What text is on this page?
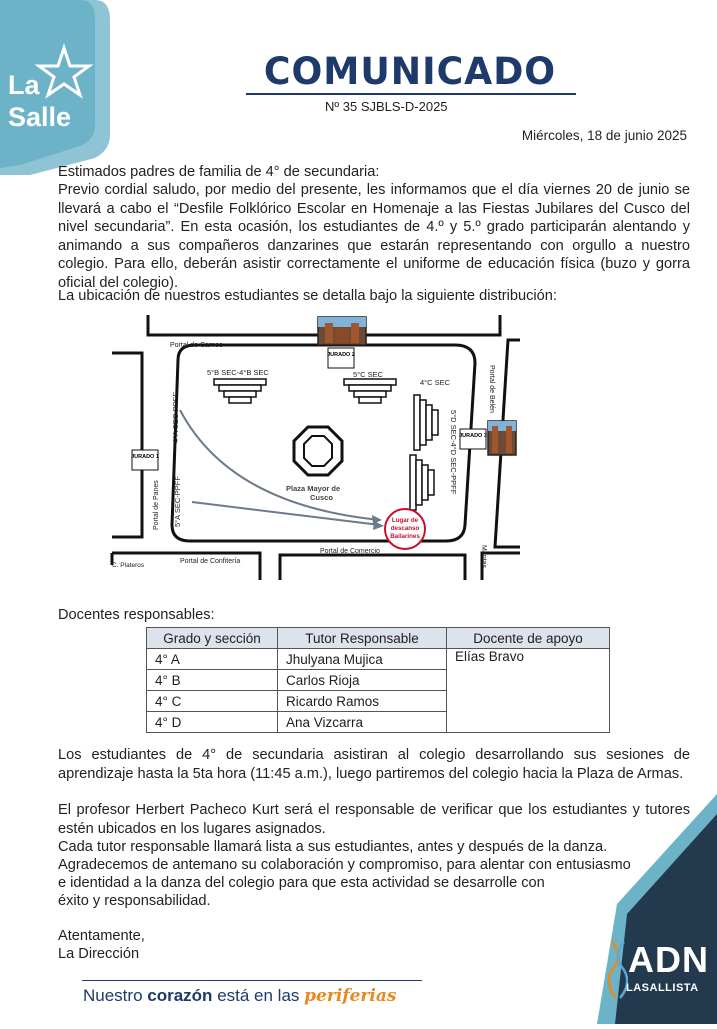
La
Salle
COMUNICADO
Nº 35 SJBLS-D-2025
Miércoles, 18 de junio 2025
Estimados padres de familia de 4° de secundaria:
Previo cordial saludo, por medio del presente, les informamos que el día viernes 20 de junio se llevará a cabo el “Desfile Folklórico Escolar en Homenaje a las Fiestas Jubilares del Cusco del nivel secundaria”. En esta ocasión, los estudiantes de 4.º y 5.º grado participarán alentando y animando a sus compañeros danzarines que estarán representando con orgullo a nuestro colegio. Para ello, deberán asistir correctamente el uniforme de educación física (buzo y gorra oficial del colegio).
La ubicación de nuestros estudiantes se detalla bajo la siguiente distribución:
Lugar de
descanso
Bailarines
JURADO 2
JURADO 1
JURADO 3
Portal de Carnes
5°B SEC-4°B SEC	5°C SEC
4°C SEC
Plaza Mayor de
Cusco
Portal de Confitería
Portal de Comercio
C. Plateros
Portal de Belén
Mantas
Portal de Panes
4°A SEC-PPFF
5°A SEC-PPFF
5°D SEC-4°D SEC-PPFF
Docentes responsables:
Grado y sección	Tutor Responsable	Docente de apoyo
4° A	Jhulyana Mujica	Elías Bravo
4° B	Carlos Rioja	
4° C	Ricardo Ramos	
4° D	Ana Vizcarra	
Los estudiantes de 4° de secundaria asistiran al colegio desarrollando sus sesiones de aprendizaje hasta la 5ta hora (11:45 a.m.), luego partiremos del colegio hacia la Plaza de Armas.
El profesor Herbert Pacheco Kurt será el responsable de verificar que los estudiantes y tutores estén ubicados en los lugares asignados.
Cada tutor responsable llamará lista a sus estudiantes, antes y después de la danza.
Agradecemos de antemano su colaboración y compromiso, para alentar con entusiasmo
e identidad a la danza del colegio para que esta actividad se desarrolle con
éxito y responsabilidad.
Atentamente,
La Dirección
Nuestro corazón está en las periferias
ADN
LASALLISTA
